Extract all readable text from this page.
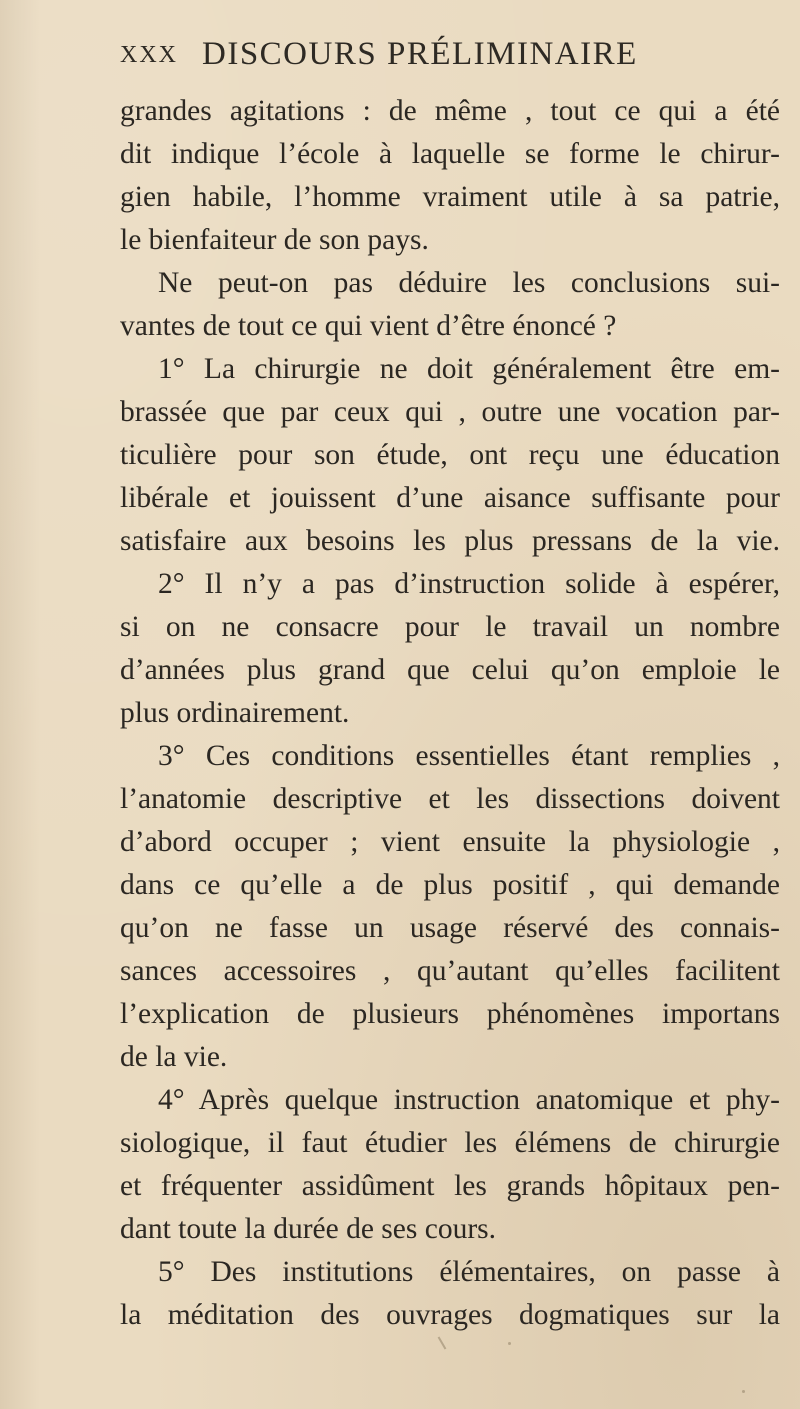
XXX DISCOURS PRÉLIMINAIRE
grandes agitations : de même , tout ce qui a été
dit indique l’école à laquelle se forme le chirur-
gien habile, l’homme vraiment utile à sa patrie,
le bienfaiteur de son pays.
Ne peut-on pas déduire les conclusions sui-
vantes de tout ce qui vient d’être énoncé ?
1° La chirurgie ne doit généralement être em-
brassée que par ceux qui , outre une vocation par-
ticulière pour son étude, ont reçu une éducation
libérale et jouissent d’une aisance suffisante pour
satisfaire aux besoins les plus pressans de la vie.
2° Il n’y a pas d’instruction solide à espérer,
si on ne consacre pour le travail un nombre
d’années plus grand que celui qu’on emploie le
plus ordinairement.
3° Ces conditions essentielles étant remplies ,
l’anatomie descriptive et les dissections doivent
d’abord occuper ; vient ensuite la physiologie ,
dans ce qu’elle a de plus positif , qui demande
qu’on ne fasse un usage réservé des connais-
sances accessoires , qu’autant qu’elles facilitent
l’explication de plusieurs phénomènes importans
de la vie.
4° Après quelque instruction anatomique et phy-
siologique, il faut étudier les élémens de chirurgie
et fréquenter assidûment les grands hôpitaux pen-
dant toute la durée de ses cours.
5° Des institutions élémentaires, on passe à
la méditation des ouvrages dogmatiques sur la
